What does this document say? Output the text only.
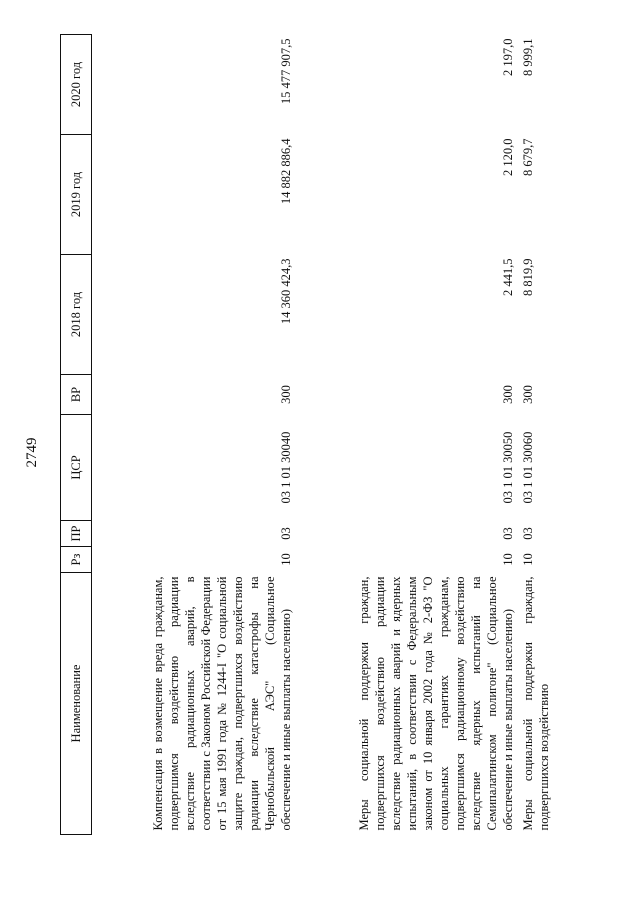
2749
Наименование	Рз	ПР	ЦСР	ВР	2018 год	2019 год	2020 год
Компенсация в возмещение вреда гражданам, подвергшимся воздействию радиации вследствие радиационных аварий, в соответствии с Законом Российской Федерации от 15 мая 1991 года № 1244-I "О социальной защите граждан, подвергшихся воздействию радиации вследствие катастрофы на Чернобыльской АЭС" (Социальное обеспечение и иные выплаты населению)	10	03	03 1 01 30040	300	14 360 424,3	14 882 886,4	15 477 907,5
Меры социальной поддержки граждан, подвергшихся воздействию радиации вследствие радиационных аварий и ядерных испытаний, в соответствии с Федеральным законом от 10 января 2002 года № 2-ФЗ "О социальных гарантиях гражданам, подвергшимся радиационному воздействию вследствие ядерных испытаний на Семипалатинском полигоне" (Социальное обеспечение и иные выплаты населению)	10	03	03 1 01 30050	300	2 441,5	2 120,0	2 197,0
Меры социальной поддержки граждан, подвергшихся воздействию	10	03	03 1 01 30060	300	8 819,9	8 679,7	8 999,1
